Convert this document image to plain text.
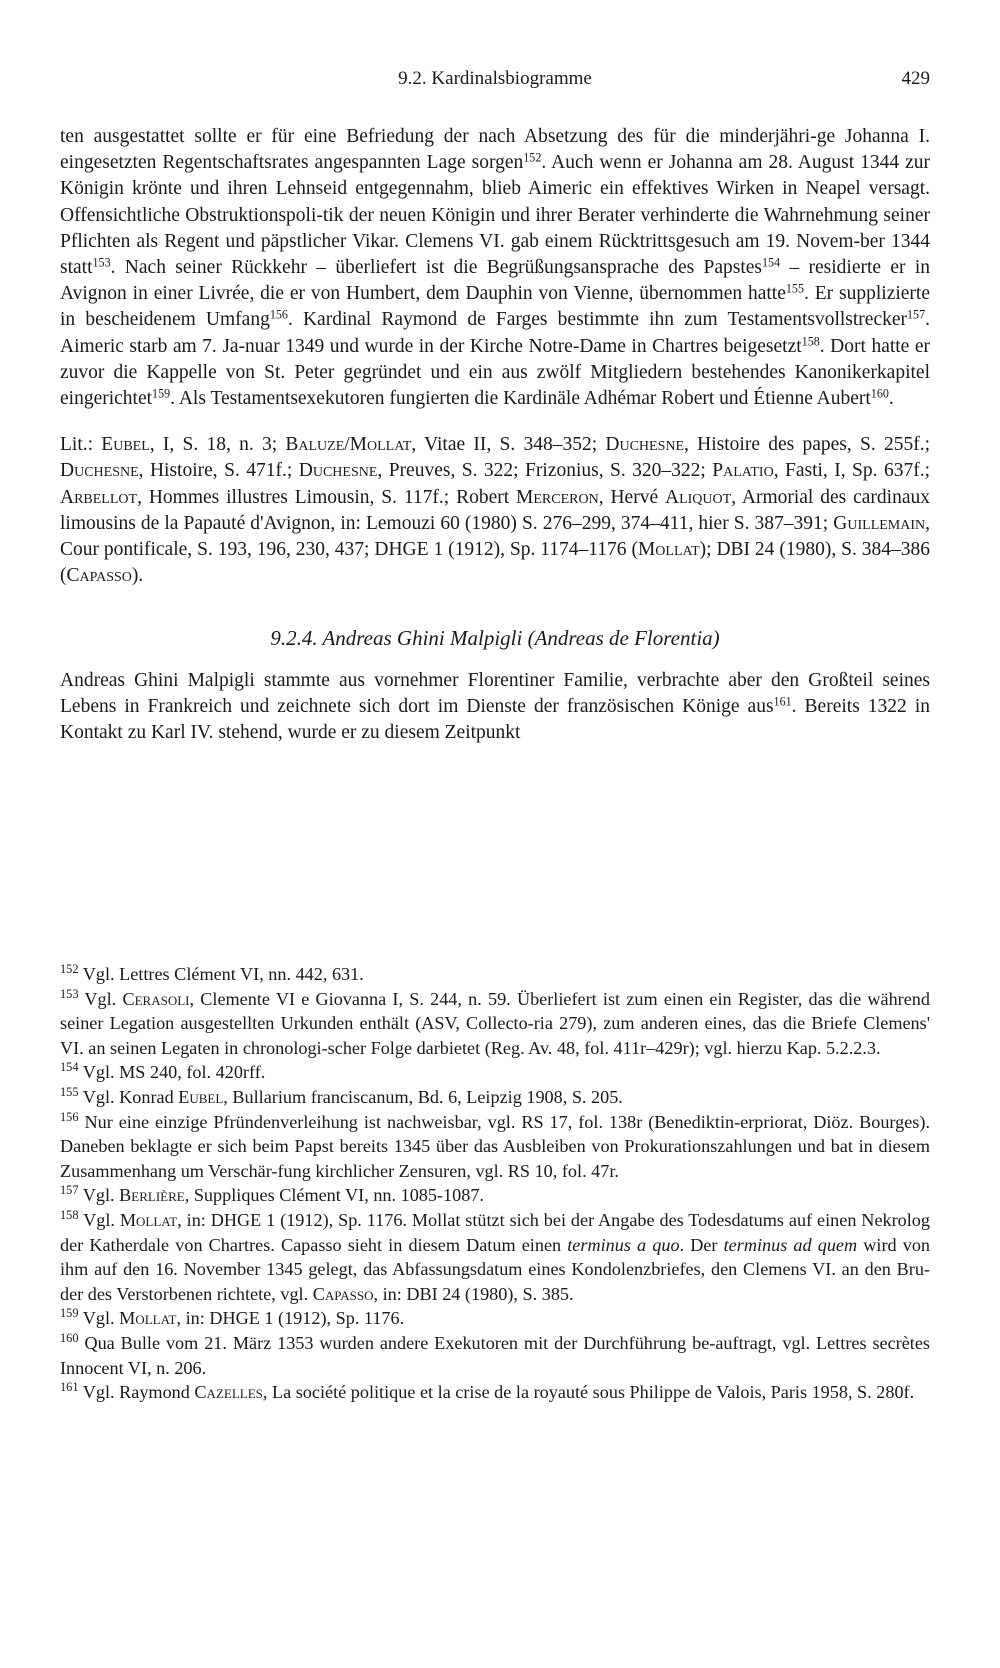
9.2. Kardinalsbiogramme	429

ten ausgestattet sollte er für eine Befriedung der nach Absetzung des für die minderjähri-ge Johanna I. eingesetzten Regentschaftsrates angespannten Lage sorgen$^{152}$. Auch wenn er Johanna am 28. August 1344 zur Königin krönte und ihren Lehnseid entgegennahm, blieb Aimeric ein effektives Wirken in Neapel versagt. Offensichtliche Obstruktionspoli-tik der neuen Königin und ihrer Berater verhinderte die Wahrnehmung seiner Pflichten als Regent und päpstlicher Vikar. Clemens VI. gab einem Rücktrittsgesuch am 19. Novem-ber 1344 statt$^{153}$. Nach seiner Rückkehr – überliefert ist die Begrüßungsansprache des Papstes$^{154}$ – residierte er in Avignon in einer Livrée, die er von Humbert, dem Dauphin von Vienne, übernommen hatte$^{155}$. Er supplizierte in bescheidenem Umfang$^{156}$. Kardinal Raymond de Farges bestimmte ihn zum Testamentsvollstrecker$^{157}$. Aimeric starb am 7. Ja-nuar 1349 und wurde in der Kirche Notre-Dame in Chartres beigesetzt$^{158}$. Dort hatte er zuvor die Kappelle von St. Peter gegründet und ein aus zwölf Mitgliedern bestehendes Kanonikerkapitel eingerichtet$^{159}$. Als Testamentsexekutoren fungierten die Kardinäle Adhémar Robert und Étienne Aubert$^{160}$.

Lit.: Eubel, I, S. 18, n. 3; Baluze/Mollat, Vitae II, S. 348–352; Duchesne, Histoire des papes, S. 255f.; Duchesne, Histoire, S. 471f.; Duchesne, Preuves, S. 322; Frizonius, S. 320–322; Palatio, Fasti, I, Sp. 637f.; Arbellot, Hommes illustres Limousin, S. 117f.; Robert Merceron, Hervé Aliquot, Armorial des cardinaux limousins de la Papauté d'Avignon, in: Lemouzi 60 (1980) S. 276–299, 374–411, hier S. 387–391; Guillemain, Cour pontificale, S. 193, 196, 230, 437; DHGE 1 (1912), Sp. 1174–1176 (Mollat); DBI 24 (1980), S. 384–386 (Capasso).

9.2.4. Andreas Ghini Malpigli (Andreas de Florentia)

Andreas Ghini Malpigli stammte aus vornehmer Florentiner Familie, verbrachte aber den Großteil seines Lebens in Frankreich und zeichnete sich dort im Dienste der französischen Könige aus$^{161}$. Bereits 1322 in Kontakt zu Karl IV. stehend, wurde er zu diesem Zeitpunkt

$^{152}$ Vgl. Lettres Clément VI, nn. 442, 631.

$^{153}$ Vgl. Cerasoli, Clemente VI e Giovanna I, S. 244, n. 59. Überliefert ist zum einen ein Register, das die während seiner Legation ausgestellten Urkunden enthält (ASV, Collecto-ria 279), zum anderen eines, das die Briefe Clemens' VI. an seinen Legaten in chronologi-scher Folge darbietet (Reg. Av. 48, fol. 411r–429r); vgl. hierzu Kap. 5.2.2.3.

$^{154}$ Vgl. MS 240, fol. 420rff.

$^{155}$ Vgl. Konrad Eubel, Bullarium franciscanum, Bd. 6, Leipzig 1908, S. 205.

$^{156}$ Nur eine einzige Pfründenverleihung ist nachweisbar, vgl. RS 17, fol. 138r (Benediktin-erpriorat, Diöz. Bourges). Daneben beklagte er sich beim Papst bereits 1345 über das Ausbleiben von Prokurationszahlungen und bat in diesem Zusammenhang um Verschär-fung kirchlicher Zensuren, vgl. RS 10, fol. 47r.

$^{157}$ Vgl. Berlière, Suppliques Clément VI, nn. 1085-1087.

$^{158}$ Vgl. Mollat, in: DHGE 1 (1912), Sp. 1176. Mollat stützt sich bei der Angabe des Todesdatums auf einen Nekrolog der Katherdale von Chartres. Capasso sieht in diesem Datum einen terminus a quo. Der terminus ad quem wird von ihm auf den 16. November 1345 gelegt, das Abfassungsdatum eines Kondolenzbriefes, den Clemens VI. an den Bru-der des Verstorbenen richtete, vgl. Capasso, in: DBI 24 (1980), S. 385.

$^{159}$ Vgl. Mollat, in: DHGE 1 (1912), Sp. 1176.

$^{160}$ Qua Bulle vom 21. März 1353 wurden andere Exekutoren mit der Durchführung be-auftragt, vgl. Lettres secrètes Innocent VI, n. 206.

$^{161}$ Vgl. Raymond Cazelles, La société politique et la crise de la royauté sous Philippe de Valois, Paris 1958, S. 280f.
